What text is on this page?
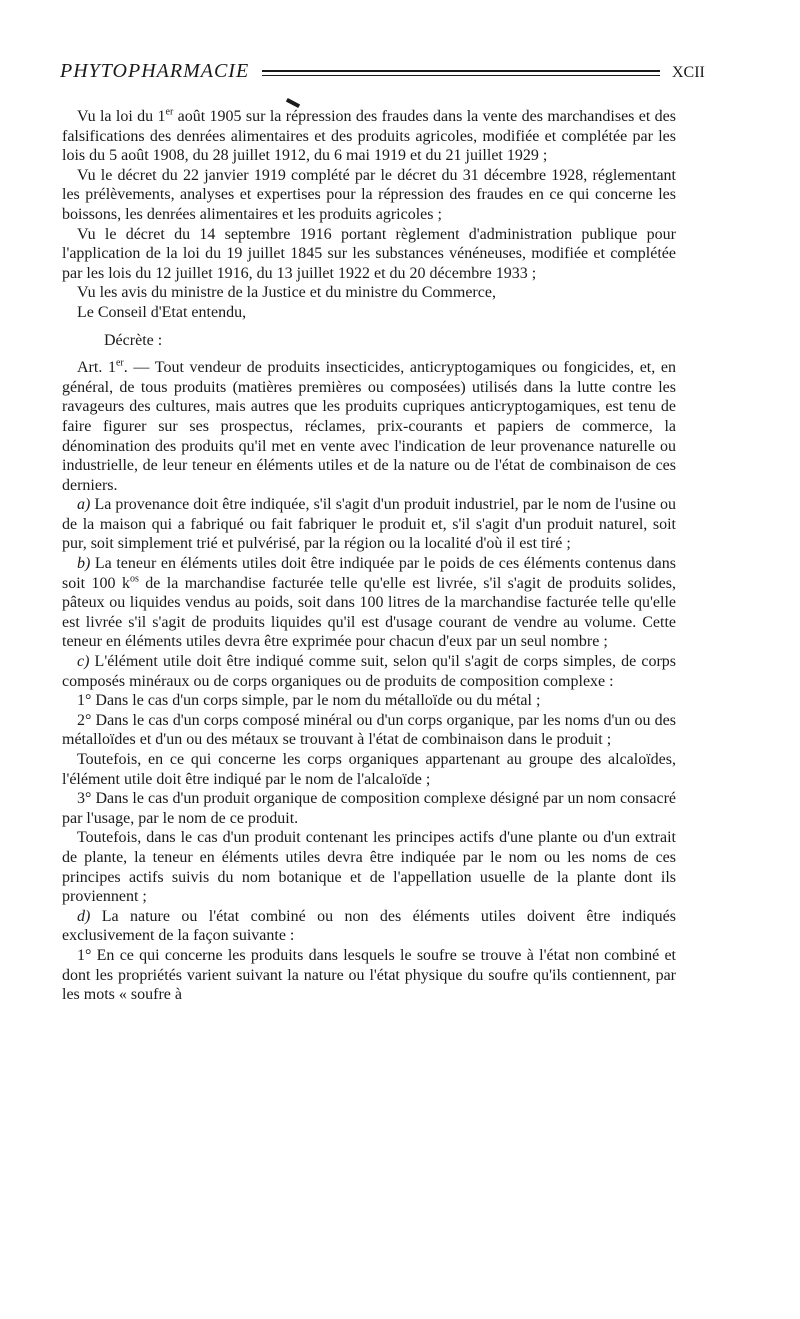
PHYTOPHARMACIE	XCII

Vu la loi du 1er août 1905 sur la répression des fraudes dans la vente des marchandises et des falsifications des denrées alimentaires et des produits agricoles, modifiée et complétée par les lois du 5 août 1908, du 28 juillet 1912, du 6 mai 1919 et du 21 juillet 1929 ;

Vu le décret du 22 janvier 1919 complété par le décret du 31 décembre 1928, réglementant les prélèvements, analyses et expertises pour la répression des fraudes en ce qui concerne les boissons, les denrées alimentaires et les produits agricoles ;

Vu le décret du 14 septembre 1916 portant règlement d'administration publique pour l'application de la loi du 19 juillet 1845 sur les substances vénéneuses, modifiée et complétée par les lois du 12 juillet 1916, du 13 juillet 1922 et du 20 décembre 1933 ;

Vu les avis du ministre de la Justice et du ministre du Commerce,

Le Conseil d'Etat entendu,

Décrète :

Art. 1er. — Tout vendeur de produits insecticides, anticryptogamiques ou fongicides, et, en général, de tous produits (matières premières ou composées) utilisés dans la lutte contre les ravageurs des cultures, mais autres que les produits cupriques anticryptogamiques, est tenu de faire figurer sur ses prospectus, réclames, prix-courants et papiers de commerce, la dénomination des produits qu'il met en vente avec l'indication de leur provenance naturelle ou industrielle, de leur teneur en éléments utiles et de la nature ou de l'état de combinaison de ces derniers.

a) La provenance doit être indiquée, s'il s'agit d'un produit industriel, par le nom de l'usine ou de la maison qui a fabriqué ou fait fabriquer le produit et, s'il s'agit d'un produit naturel, soit pur, soit simplement trié et pulvérisé, par la région ou la localité d'où il est tiré ;

b) La teneur en éléments utiles doit être indiquée par le poids de ces éléments contenus dans soit 100 $k^{os}$ de la marchandise facturée telle qu'elle est livrée, s'il s'agit de produits solides, pâteux ou liquides vendus au poids, soit dans 100 litres de la marchandise facturée telle qu'elle est livrée s'il s'agit de produits liquides qu'il est d'usage courant de vendre au volume. Cette teneur en éléments utiles devra être exprimée pour chacun d'eux par un seul nombre ;

c) L'élément utile doit être indiqué comme suit, selon qu'il s'agit de corps simples, de corps composés minéraux ou de corps organiques ou de produits de composition complexe :

1° Dans le cas d'un corps simple, par le nom du métalloïde ou du métal ;

2° Dans le cas d'un corps composé minéral ou d'un corps organique, par les noms d'un ou des métalloïdes et d'un ou des métaux se trouvant à l'état de combinaison dans le produit ;

Toutefois, en ce qui concerne les corps organiques appartenant au groupe des alcaloïdes, l'élément utile doit être indiqué par le nom de l'alcaloïde ;

3° Dans le cas d'un produit organique de composition complexe désigné par un nom consacré par l'usage, par le nom de ce produit.

Toutefois, dans le cas d'un produit contenant les principes actifs d'une plante ou d'un extrait de plante, la teneur en éléments utiles devra être indiquée par le nom ou les noms de ces principes actifs suivis du nom botanique et de l'appellation usuelle de la plante dont ils proviennent ;

d) La nature ou l'état combiné ou non des éléments utiles doivent être indiqués exclusivement de la façon suivante :

1° En ce qui concerne les produits dans lesquels le soufre se trouve à l'état non combiné et dont les propriétés varient suivant la nature ou l'état physique du soufre qu'ils contiennent, par les mots « soufre à
